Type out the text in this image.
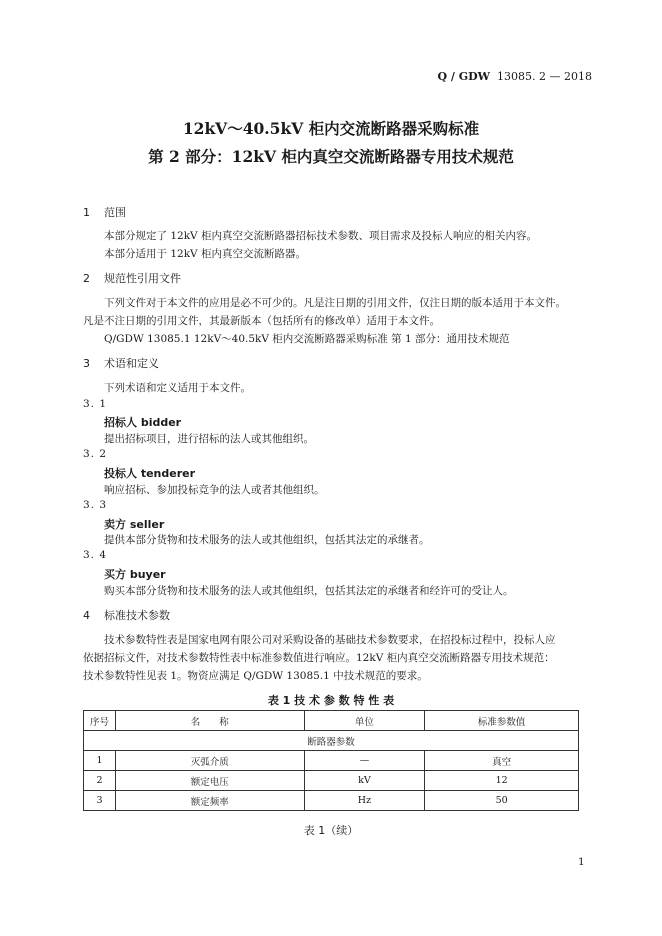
Q / GDW 13085. 2 — 2018
12kV～40.5kV 柜内交流断路器采购标准
第 2 部分：12kV 柜内真空交流断路器专用技术规范
1 范围
本部分规定了 12kV 柜内真空交流断路器招标技术参数、项目需求及投标人响应的相关内容。
本部分适用于 12kV 柜内真空交流断路器。
2 规范性引用文件
下列文件对于本文件的应用是必不可少的。凡是注日期的引用文件，仅注日期的版本适用于本文件。
凡是不注日期的引用文件，其最新版本（包括所有的修改单）适用于本文件。
Q/GDW 13085.1 12kV～40.5kV 柜内交流断路器采购标准 第 1 部分：通用技术规范
3 术语和定义
下列术语和定义适用于本文件。
3. 1
招标人 bidder
提出招标项目，进行招标的法人或其他组织。
3. 2
投标人 tenderer
响应招标、参加投标竞争的法人或者其他组织。
3. 3
卖方 seller
提供本部分货物和技术服务的法人或其他组织，包括其法定的承继者。
3. 4
买方 buyer
购买本部分货物和技术服务的法人或其他组织，包括其法定的承继者和经许可的受让人。
4 标准技术参数
技术参数特性表是国家电网有限公司对采购设备的基础技术参数要求，在招投标过程中，投标人应
依据招标文件，对技术参数特性表中标准参数值进行响应。12kV 柜内真空交流断路器专用技术规范：
技术参数特性见表 1。物资应满足 Q/GDW 13085.1 中技术规范的要求。
表 1 技 术 参 数 特 性 表
序号	名　　称	单位	标准参数值
断路器参数			
1	灭弧介质	—	真空
2	额定电压	kV	12
3	额定频率	Hz	50
表 1（续）
1
